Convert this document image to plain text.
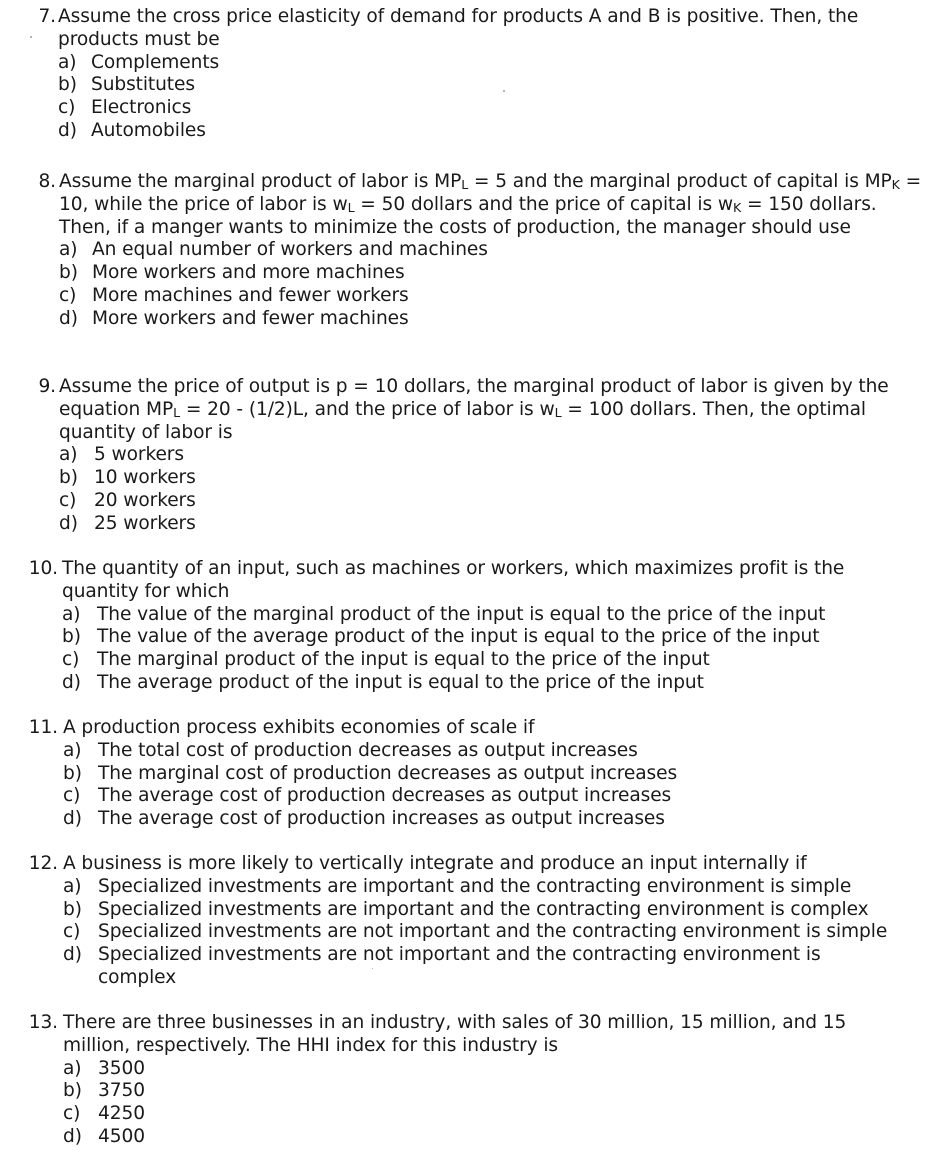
7. Assume the cross price elasticity of demand for products A and B is positive. Then, the products must be

a) Complements
b) Substitutes
c) Electronics
d) Automobiles
8. Assume the marginal product of labor is $MP_L = 5$ and the marginal product of capital is $MP_K = 10$, while the price of labor is $w_L = 50$ dollars and the price of capital is $w_K = 150$ dollars. Then, if a manger wants to minimize the costs of production, the manager should use

a) An equal number of workers and machines
b) More workers and more machines
c) More machines and fewer workers
d) More workers and fewer machines
9. Assume the price of output is p = 10 dollars, the marginal product of labor is given by the equation $MP_L = 20 - (1/2)L$, and the price of labor is $w_L = 100$ dollars. Then, the optimal quantity of labor is

a) 5 workers
b) 10 workers
c) 20 workers
d) 25 workers
10. The quantity of an input, such as machines or workers, which maximizes profit is the quantity for which

a) The value of the marginal product of the input is equal to the price of the input
b) The value of the average product of the input is equal to the price of the input
c) The marginal product of the input is equal to the price of the input
d) The average product of the input is equal to the price of the input
11. A production process exhibits economies of scale if

a) The total cost of production decreases as output increases
b) The marginal cost of production decreases as output increases
c) The average cost of production decreases as output increases
d) The average cost of production increases as output increases
12. A business is more likely to vertically integrate and produce an input internally if

a) Specialized investments are important and the contracting environment is simple
b) Specialized investments are important and the contracting environment is complex
c) Specialized investments are not important and the contracting environment is simple
d) Specialized investments are not important and the contracting environment is complex
13. There are three businesses in an industry, with sales of 30 million, 15 million, and 15 million, respectively. The HHI index for this industry is

a) 3500
b) 3750
c) 4250
d) 4500
